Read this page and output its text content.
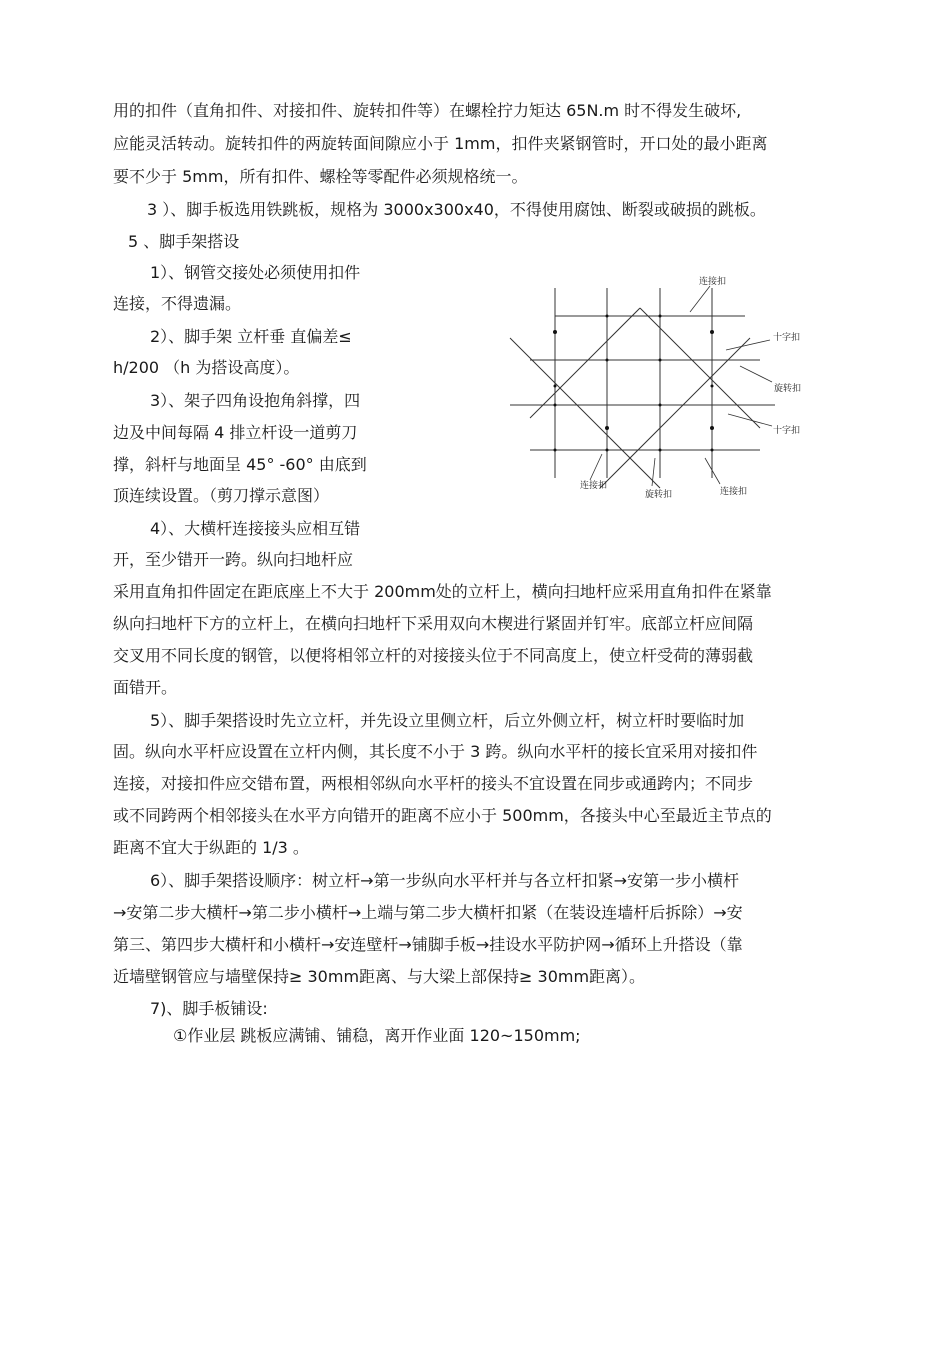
用的扣件（直角扣件、对接扣件、旋转扣件等）在螺栓拧力矩达 65N.m 时不得发生破坏,
应能灵活转动。旋转扣件的两旋转面间隙应小于 1mm，扣件夹紧钢管时，开口处的最小距离
要不少于 5mm，所有扣件、螺栓等零配件必须规格统一。
3 ）、脚手板选用铁跳板，规格为 3000x300x40，不得使用腐蚀、断裂或破损的跳板。
5 、脚手架搭设
1）、钢管交接处必须使用扣件
连接，不得遗漏。
2）、脚手架 立杆垂 直偏差≤
h/200 （h 为搭设高度）。
3）、架子四角设抱角斜撑，四
边及中间每隔 4 排立杆设一道剪刀
撑，斜杆与地面呈 45° -60° 由底到
顶连续设置。（剪刀撑示意图）
4）、大横杆连接接头应相互错
开，至少错开一跨。纵向扫地杆应
采用直角扣件固定在距底座上不大于 200mm处的立杆上，横向扫地杆应采用直角扣件在紧靠
纵向扫地杆下方的立杆上，在横向扫地杆下采用双向木楔进行紧固并钉牢。底部立杆应间隔
交叉用不同长度的钢管，以便将相邻立杆的对接接头位于不同高度上，使立杆受荷的薄弱截
面错开。
5）、脚手架搭设时先立立杆，并先设立里侧立杆，后立外侧立杆，树立杆时要临时加
固。纵向水平杆应设置在立杆内侧，其长度不小于 3 跨。纵向水平杆的接长宜采用对接扣件
连接，对接扣件应交错布置，两根相邻纵向水平杆的接头不宜设置在同步或通跨内；不同步
或不同跨两个相邻接头在水平方向错开的距离不应小于 500mm，各接头中心至最近主节点的
距离不宜大于纵距的 1/3 。
6）、脚手架搭设顺序：树立杆→第一步纵向水平杆并与各立杆扣紧→安第一步小横杆
→安第二步大横杆→第二步小横杆→上端与第二步大横杆扣紧（在装设连墙杆后拆除）→安
第三、第四步大横杆和小横杆→安连壁杆→铺脚手板→挂设水平防护网→循环上升搭设（靠
近墙壁钢管应与墙壁保持≥ 30mm距离、与大梁上部保持≥ 30mm距离）。
7)、脚手板铺设:
①作业层 跳板应满铺、铺稳，离开作业面 120~150mm;
连接扣
十字扣
旋转扣
十字扣
连接扣
旋转扣	连接扣
